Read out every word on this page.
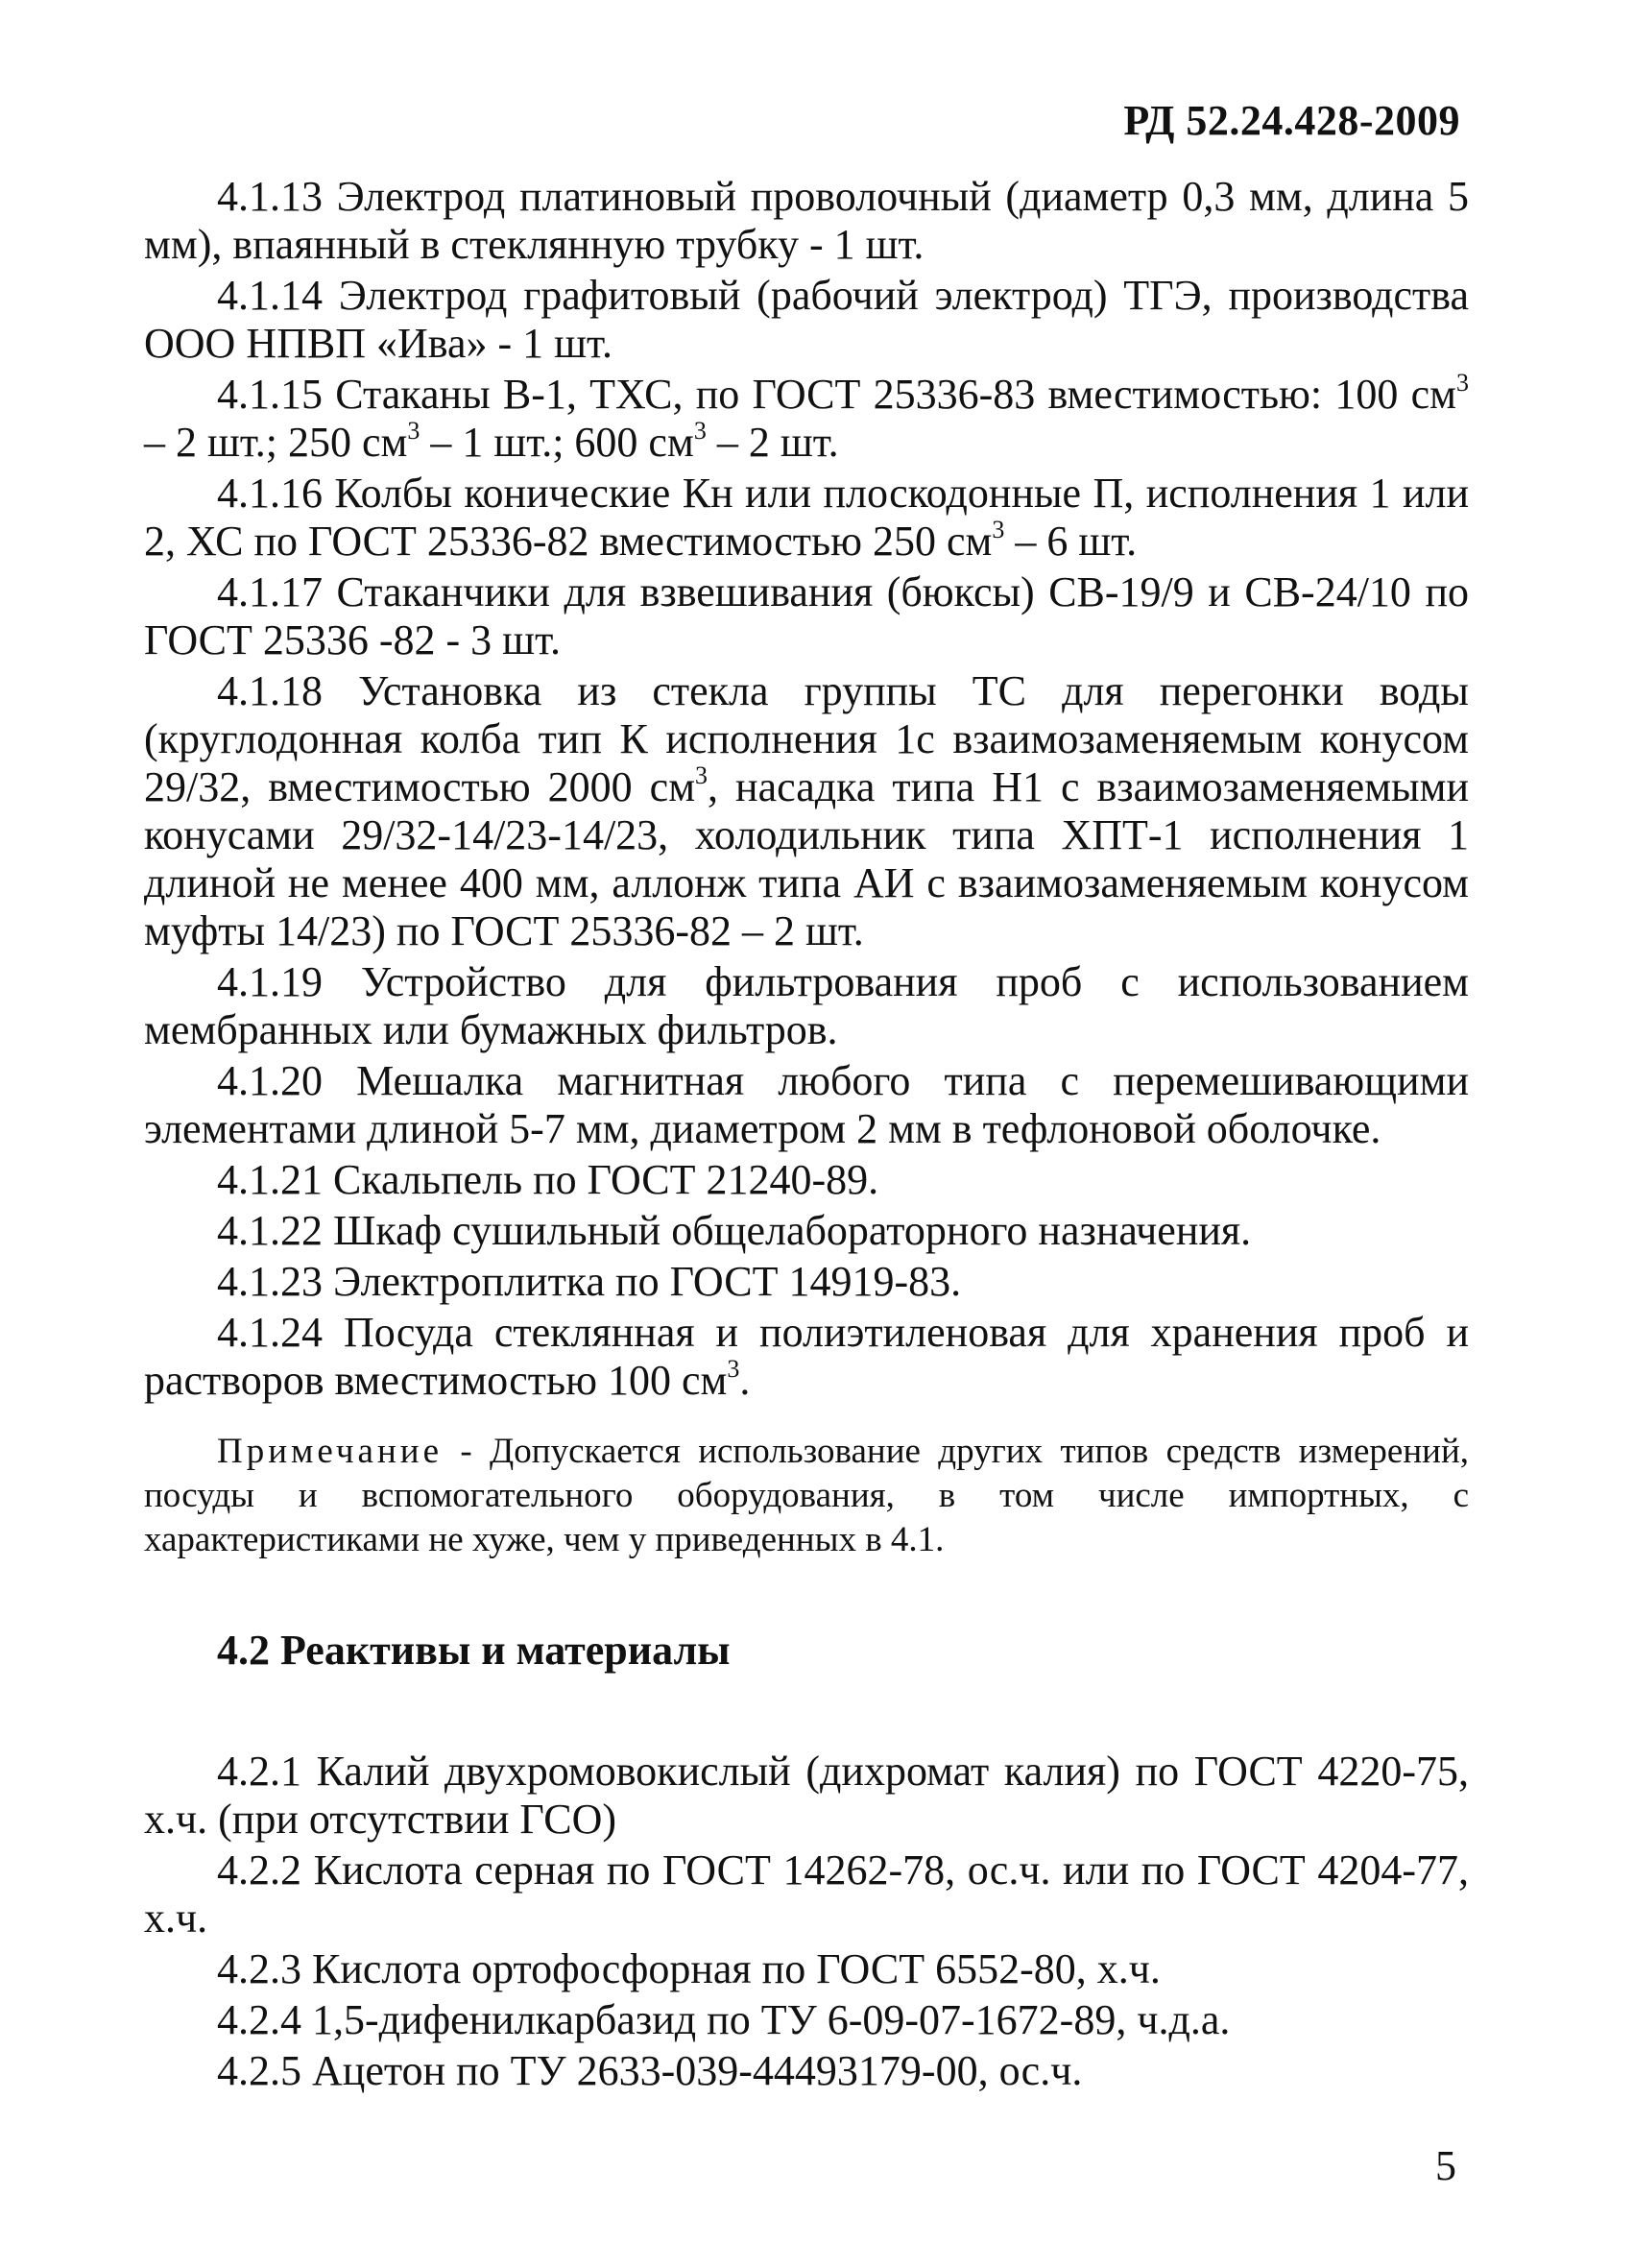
РД 52.24.428-2009

4.1.13 Электрод платиновый проволочный (диаметр 0,3 мм, длина 5 мм), впаянный в стеклянную трубку - 1 шт.

4.1.14 Электрод графитовый (рабочий электрод) ТГЭ, производства ООО НПВП «Ива» - 1 шт.

4.1.15 Стаканы В-1, ТХС, по ГОСТ 25336-83 вместимостью: 100 $см^3 - 2$ шт.; 250 $см^3 - 1$ шт.; 600 $см^3 - 2$ шт.

4.1.16 Колбы конические Кн или плоскодонные П, исполнения 1 или 2, ХС по ГОСТ 25336-82 вместимостью 250 $см^3 - 6$ шт.

4.1.17 Стаканчики для взвешивания (бюксы) СВ-19/9 и СВ-24/10 по ГОСТ 25336 -82 - 3 шт.

4.1.18 Установка из стекла группы ТС для перегонки воды (круглодонная колба тип К исполнения 1с взаимозаменяемым конусом 29/32, вместимостью 2000 $см^3$, насадка типа Н1 с взаимозаменяемыми конусами 29/32-14/23-14/23, холодильник типа ХПТ-1 исполнения 1 длиной не менее 400 мм, аллонж типа АИ с взаимозаменяемым конусом муфты 14/23) по ГОСТ 25336-82 – 2 шт.

4.1.19 Устройство для фильтрования проб с использованием мембранных или бумажных фильтров.

4.1.20 Мешалка магнитная любого типа с перемешивающими элементами длиной 5-7 мм, диаметром 2 мм в тефлоновой оболочке.

4.1.21 Скальпель по ГОСТ 21240-89.

4.1.22 Шкаф сушильный общелабораторного назначения.

4.1.23 Электроплитка по ГОСТ 14919-83.

4.1.24 Посуда стеклянная и полиэтиленовая для хранения проб и растворов вместимостью 100 $см^3$.

Примечание - Допускается использование других типов средств измерений, посуды и вспомогательного оборудования, в том числе импортных, с характеристиками не хуже, чем у приведенных в 4.1.

4.2 Реактивы и материалы

4.2.1 Калий двухромовокислый (дихромат калия) по ГОСТ 4220-75, х.ч. (при отсутствии ГСО)

4.2.2 Кислота серная по ГОСТ 14262-78, ос.ч. или по ГОСТ 4204-77, х.ч.

4.2.3 Кислота ортофосфорная по ГОСТ 6552-80, х.ч.

4.2.4 1,5-дифенилкарбазид по ТУ 6-09-07-1672-89, ч.д.а.

4.2.5 Ацетон по ТУ 2633-039-44493179-00, ос.ч.

5
